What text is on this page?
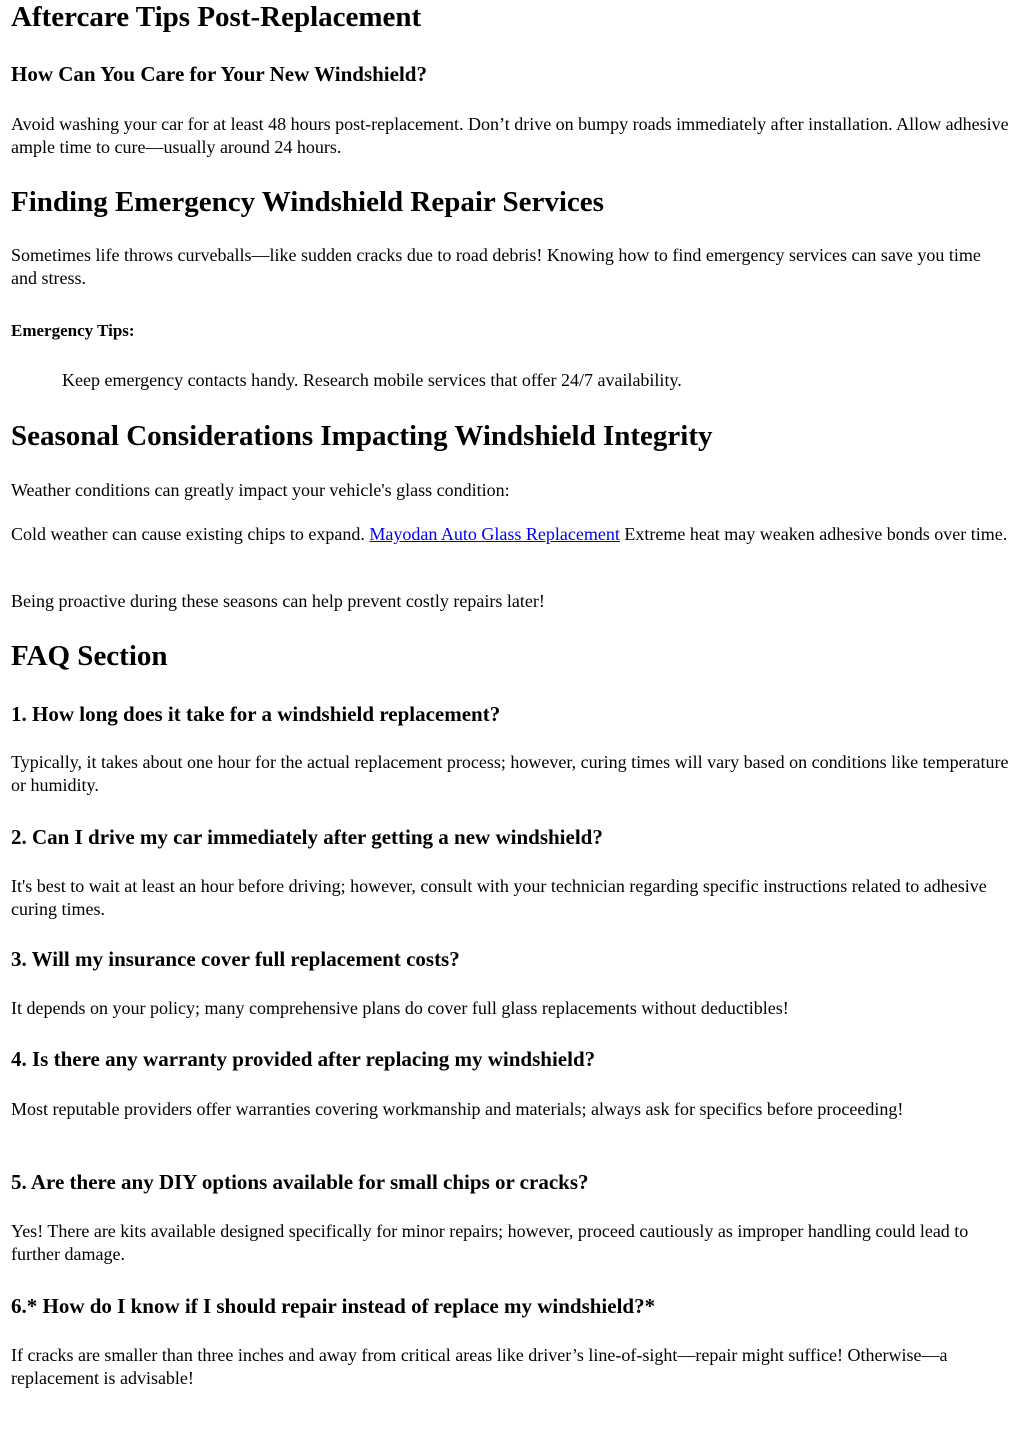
Aftercare Tips Post-Replacement
How Can You Care for Your New Windshield?

Avoid washing your car for at least 48 hours post-replacement. Don’t drive on bumpy roads immediately after installation. Allow adhesive ample time to cure—usually around 24 hours.

Finding Emergency Windshield Repair Services

Sometimes life throws curveballs—like sudden cracks due to road debris! Knowing how to find emergency services can save you time and stress.

Emergency Tips:

Keep emergency contacts handy. Research mobile services that offer 24/7 availability.

Seasonal Considerations Impacting Windshield Integrity

Weather conditions can greatly impact your vehicle's glass condition:

Cold weather can cause existing chips to expand. Mayodan Auto Glass Replacement Extreme heat may weaken adhesive bonds over time.

Being proactive during these seasons can help prevent costly repairs later!

FAQ Section
1. How long does it take for a windshield replacement?

Typically, it takes about one hour for the actual replacement process; however, curing times will vary based on conditions like temperature or humidity.

2. Can I drive my car immediately after getting a new windshield?

It's best to wait at least an hour before driving; however, consult with your technician regarding specific instructions related to adhesive curing times.

3. Will my insurance cover full replacement costs?

It depends on your policy; many comprehensive plans do cover full glass replacements without deductibles!

4. Is there any warranty provided after replacing my windshield?

Most reputable providers offer warranties covering workmanship and materials; always ask for specifics before proceeding!

5. Are there any DIY options available for small chips or cracks?

Yes! There are kits available designed specifically for minor repairs; however, proceed cautiously as improper handling could lead to further damage.

6.* How do I know if I should repair instead of replace my windshield?*

If cracks are smaller than three inches and away from critical areas like driver’s line-of-sight—repair might suffice! Otherwise—a replacement is advisable!
